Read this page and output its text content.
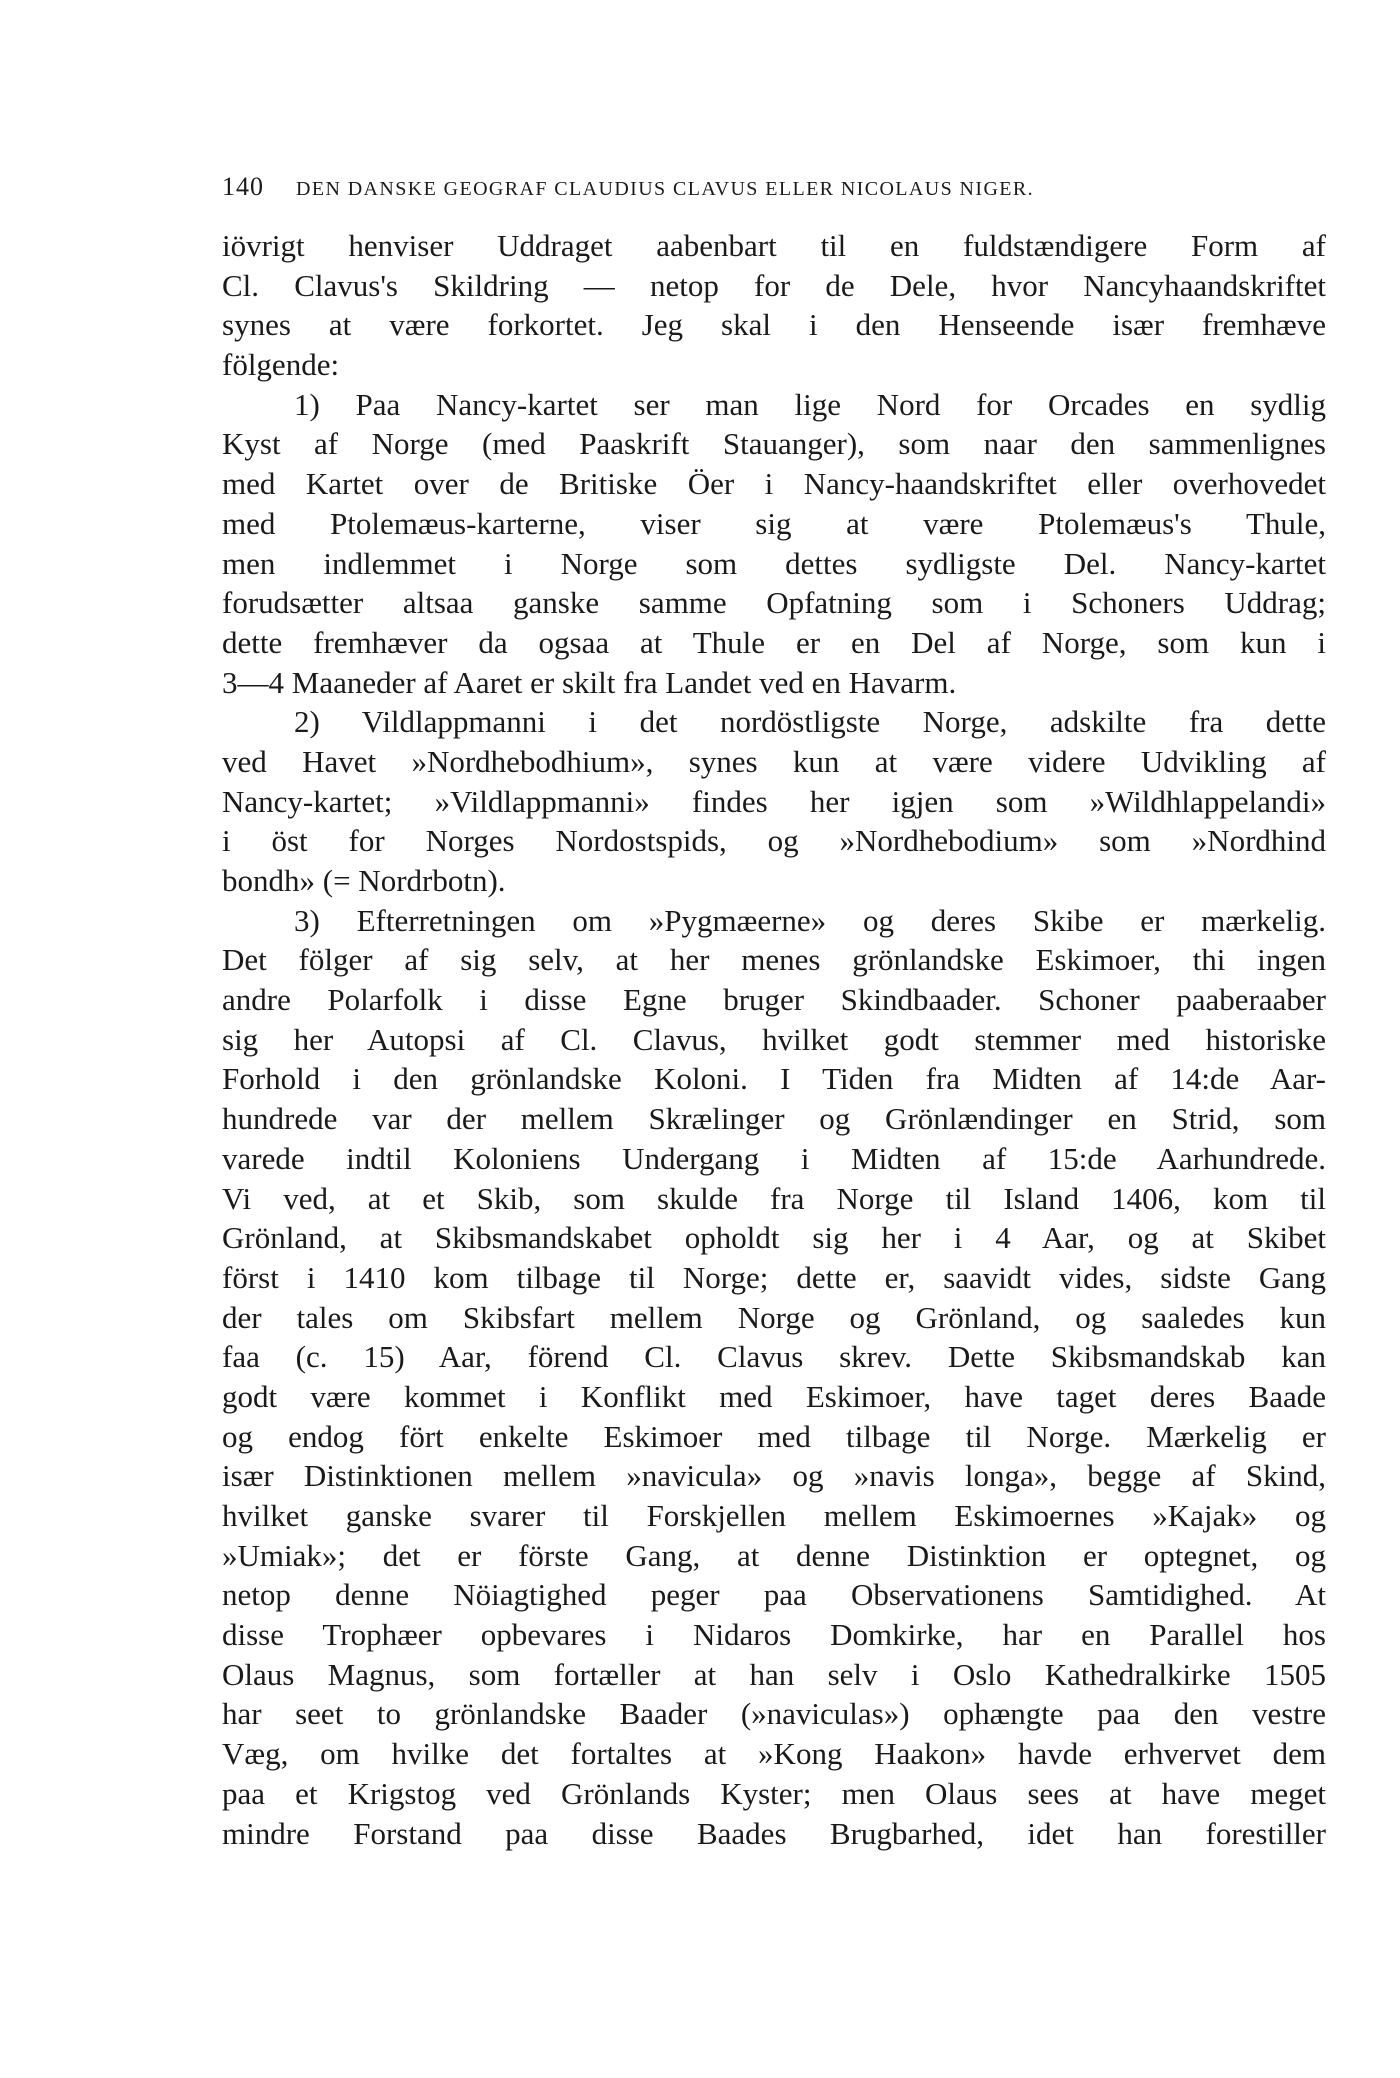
140 DEN DANSKE GEOGRAF CLAUDIUS CLAVUS ELLER NICOLAUS NIGER.
iövrigt henviser Uddraget aabenbart til en fuldstændigere Form af
Cl. Clavus's Skildring — netop for de Dele, hvor Nancyhaandskriftet
synes at være forkortet. Jeg skal i den Henseende især fremhæve
fölgende:
1) Paa Nancy-kartet ser man lige Nord for Orcades en sydlig
Kyst af Norge (med Paaskrift Stauanger), som naar den sammenlignes
med Kartet over de Britiske Öer i Nancy-haandskriftet eller overhovedet
med Ptolemæus-karterne, viser sig at være Ptolemæus's Thule,
men indlemmet i Norge som dettes sydligste Del. Nancy-kartet
forudsætter altsaa ganske samme Opfatning som i Schoners Uddrag;
dette fremhæver da ogsaa at Thule er en Del af Norge, som kun i
3—4 Maaneder af Aaret er skilt fra Landet ved en Havarm.
2) Vildlappmanni i det nordöstligste Norge, adskilte fra dette
ved Havet »Nordhebodhium», synes kun at være videre Udvikling af
Nancy-kartet; »Vildlappmanni» findes her igjen som »Wildhlappelandi»
i öst for Norges Nordostspids, og »Nordhebodium» som »Nordhind
bondh» (= Nordrbotn).
3) Efterretningen om »Pygmæerne» og deres Skibe er mærkelig.
Det fölger af sig selv, at her menes grönlandske Eskimoer, thi ingen
andre Polarfolk i disse Egne bruger Skindbaader. Schoner paaberaaber
sig her Autopsi af Cl. Clavus, hvilket godt stemmer med historiske
Forhold i den grönlandske Koloni. I Tiden fra Midten af 14:de Aar-
hundrede var der mellem Skrælinger og Grönlændinger en Strid, som
varede indtil Koloniens Undergang i Midten af 15:de Aarhundrede.
Vi ved, at et Skib, som skulde fra Norge til Island 1406, kom til
Grönland, at Skibsmandskabet opholdt sig her i 4 Aar, og at Skibet
först i 1410 kom tilbage til Norge; dette er, saavidt vides, sidste Gang
der tales om Skibsfart mellem Norge og Grönland, og saaledes kun
faa (c. 15) Aar, förend Cl. Clavus skrev. Dette Skibsmandskab kan
godt være kommet i Konflikt med Eskimoer, have taget deres Baade
og endog fört enkelte Eskimoer med tilbage til Norge. Mærkelig er
især Distinktionen mellem »navicula» og »navis longa», begge af Skind,
hvilket ganske svarer til Forskjellen mellem Eskimoernes »Kajak» og
»Umiak»; det er förste Gang, at denne Distinktion er optegnet, og
netop denne Nöiagtighed peger paa Observationens Samtidighed. At
disse Trophæer opbevares i Nidaros Domkirke, har en Parallel hos
Olaus Magnus, som fortæller at han selv i Oslo Kathedralkirke 1505
har seet to grönlandske Baader (»naviculas») ophængte paa den vestre
Væg, om hvilke det fortaltes at »Kong Haakon» havde erhvervet dem
paa et Krigstog ved Grönlands Kyster; men Olaus sees at have meget
mindre Forstand paa disse Baades Brugbarhed, idet han forestiller
